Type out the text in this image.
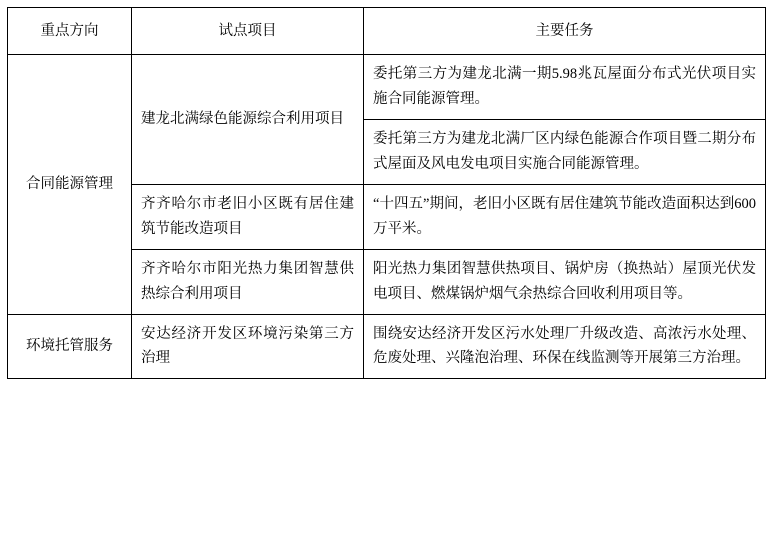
重点方向	试点项目	主要任务

合同能源管理	建龙北满绿色能源综合利用项目	委托第三方为建龙北满一期5.98兆瓦屋面分布式光伏项目实施合同能源管理。

		委托第三方为建龙北满厂区内绿色能源合作项目暨二期分布式屋面及风电发电项目实施合同能源管理。

	齐齐哈尔市老旧小区既有居住建筑节能改造项目	“十四五”期间，老旧小区既有居住建筑节能改造面积达到600万平米。

	齐齐哈尔市阳光热力集团智慧供热综合利用项目	阳光热力集团智慧供热项目、锅炉房（换热站）屋顶光伏发电项目、燃煤锅炉烟气余热综合回收利用项目等。

环境托管服务	安达经济开发区环境污染第三方治理	围绕安达经济开发区污水处理厂升级改造、高浓污水处理、危废处理、兴隆泡治理、环保在线监测等开展第三方治理。
